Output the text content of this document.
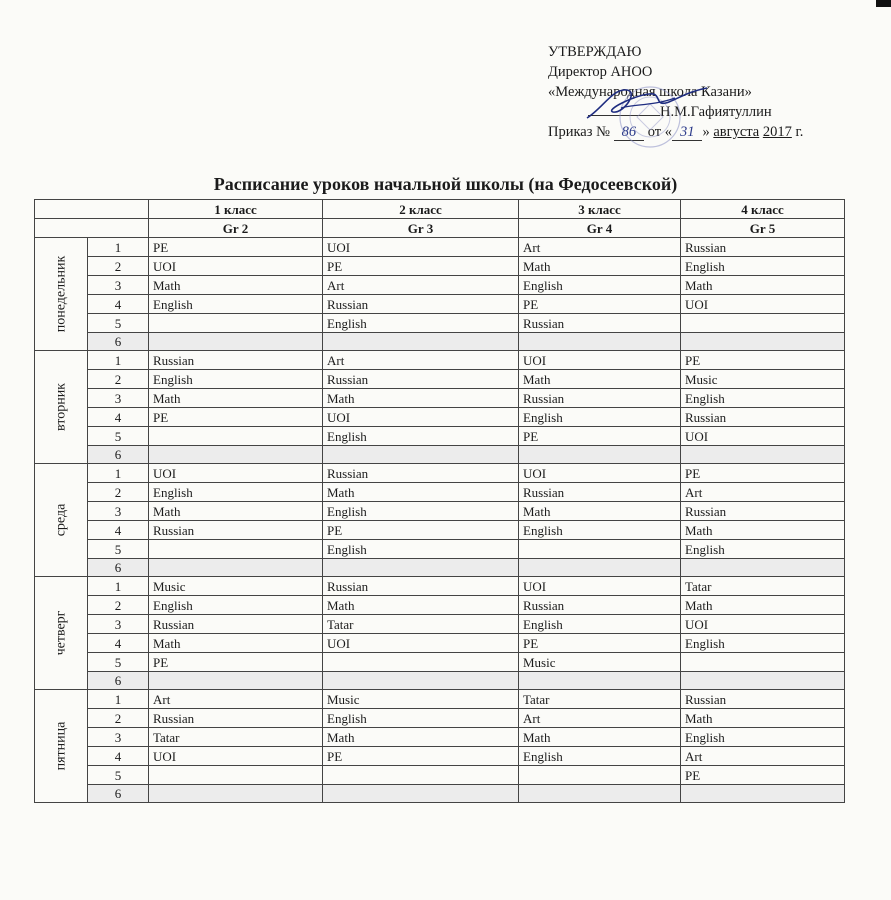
УТВЕРЖДАЮ
Директор АНОО
«Международная школа Казани»
Н.М.Гафиятуллин
Приказ № 86 от « 31 » августа 2017 г.
Расписание уроков начальной школы (на Федосеевской)
		1 класс	2 класс	3 класс	4 класс
		Gr 2	Gr 3	Gr 4	Gr 5

понедельник	1	PE	UOI	Art	Russian
	2	UOI	PE	Math	English
	3	Math	Art	English	Math
	4	English	Russian	PE	UOI
	5		English	Russian	
	6				

вторник	1	Russian	Art	UOI	PE
	2	English	Russian	Math	Music
	3	Math	Math	Russian	English
	4	PE	UOI	English	Russian
	5		English	PE	UOI
	6				

среда	1	UOI	Russian	UOI	PE
	2	English	Math	Russian	Art
	3	Math	English	Math	Russian
	4	Russian	PE	English	Math
	5		English		English
	6				

четверг	1	Music	Russian	UOI	Tatar
	2	English	Math	Russian	Math
	3	Russian	Tatar	English	UOI
	4	Math	UOI	PE	English
	5	PE		Music	
	6				

пятница	1	Art	Music	Tatar	Russian
	2	Russian	English	Art	Math
	3	Tatar	Math	Math	English
	4	UOI	PE	English	Art
	5				PE
	6				
